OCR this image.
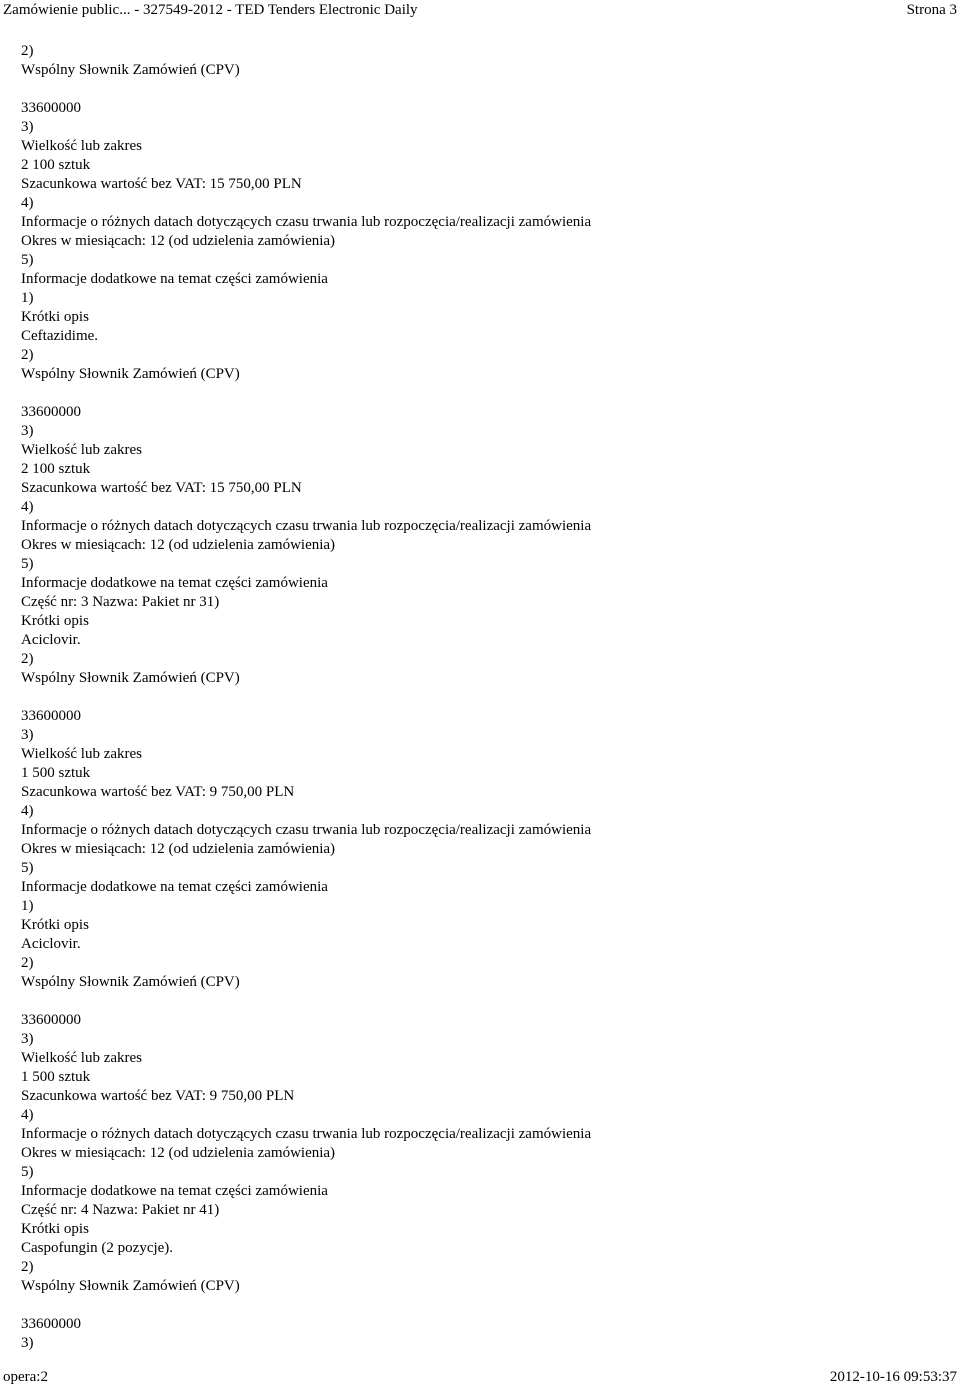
Zamówienie public... - 327549-2012 - TED Tenders Electronic Daily	Strona 3
2)
Wspólny Słownik Zamówień (CPV)
33600000
3)
Wielkość lub zakres
2 100 sztuk
Szacunkowa wartość bez VAT: 15 750,00 PLN
4)
Informacje o różnych datach dotyczących czasu trwania lub rozpoczęcia/realizacji zamówienia
Okres w miesiącach: 12 (od udzielenia zamówienia)
5)
Informacje dodatkowe na temat części zamówienia
1)
Krótki opis
Ceftazidime.
2)
Wspólny Słownik Zamówień (CPV)
33600000
3)
Wielkość lub zakres
2 100 sztuk
Szacunkowa wartość bez VAT: 15 750,00 PLN
4)
Informacje o różnych datach dotyczących czasu trwania lub rozpoczęcia/realizacji zamówienia
Okres w miesiącach: 12 (od udzielenia zamówienia)
5)
Informacje dodatkowe na temat części zamówienia
Część nr: 3 Nazwa: Pakiet nr 31)
Krótki opis
Aciclovir.
2)
Wspólny Słownik Zamówień (CPV)
33600000
3)
Wielkość lub zakres
1 500 sztuk
Szacunkowa wartość bez VAT: 9 750,00 PLN
4)
Informacje o różnych datach dotyczących czasu trwania lub rozpoczęcia/realizacji zamówienia
Okres w miesiącach: 12 (od udzielenia zamówienia)
5)
Informacje dodatkowe na temat części zamówienia
1)
Krótki opis
Aciclovir.
2)
Wspólny Słownik Zamówień (CPV)
33600000
3)
Wielkość lub zakres
1 500 sztuk
Szacunkowa wartość bez VAT: 9 750,00 PLN
4)
Informacje o różnych datach dotyczących czasu trwania lub rozpoczęcia/realizacji zamówienia
Okres w miesiącach: 12 (od udzielenia zamówienia)
5)
Informacje dodatkowe na temat części zamówienia
Część nr: 4 Nazwa: Pakiet nr 41)
Krótki opis
Caspofungin (2 pozycje).
2)
Wspólny Słownik Zamówień (CPV)
33600000
3)
opera:2	2012-10-16 09:53:37
